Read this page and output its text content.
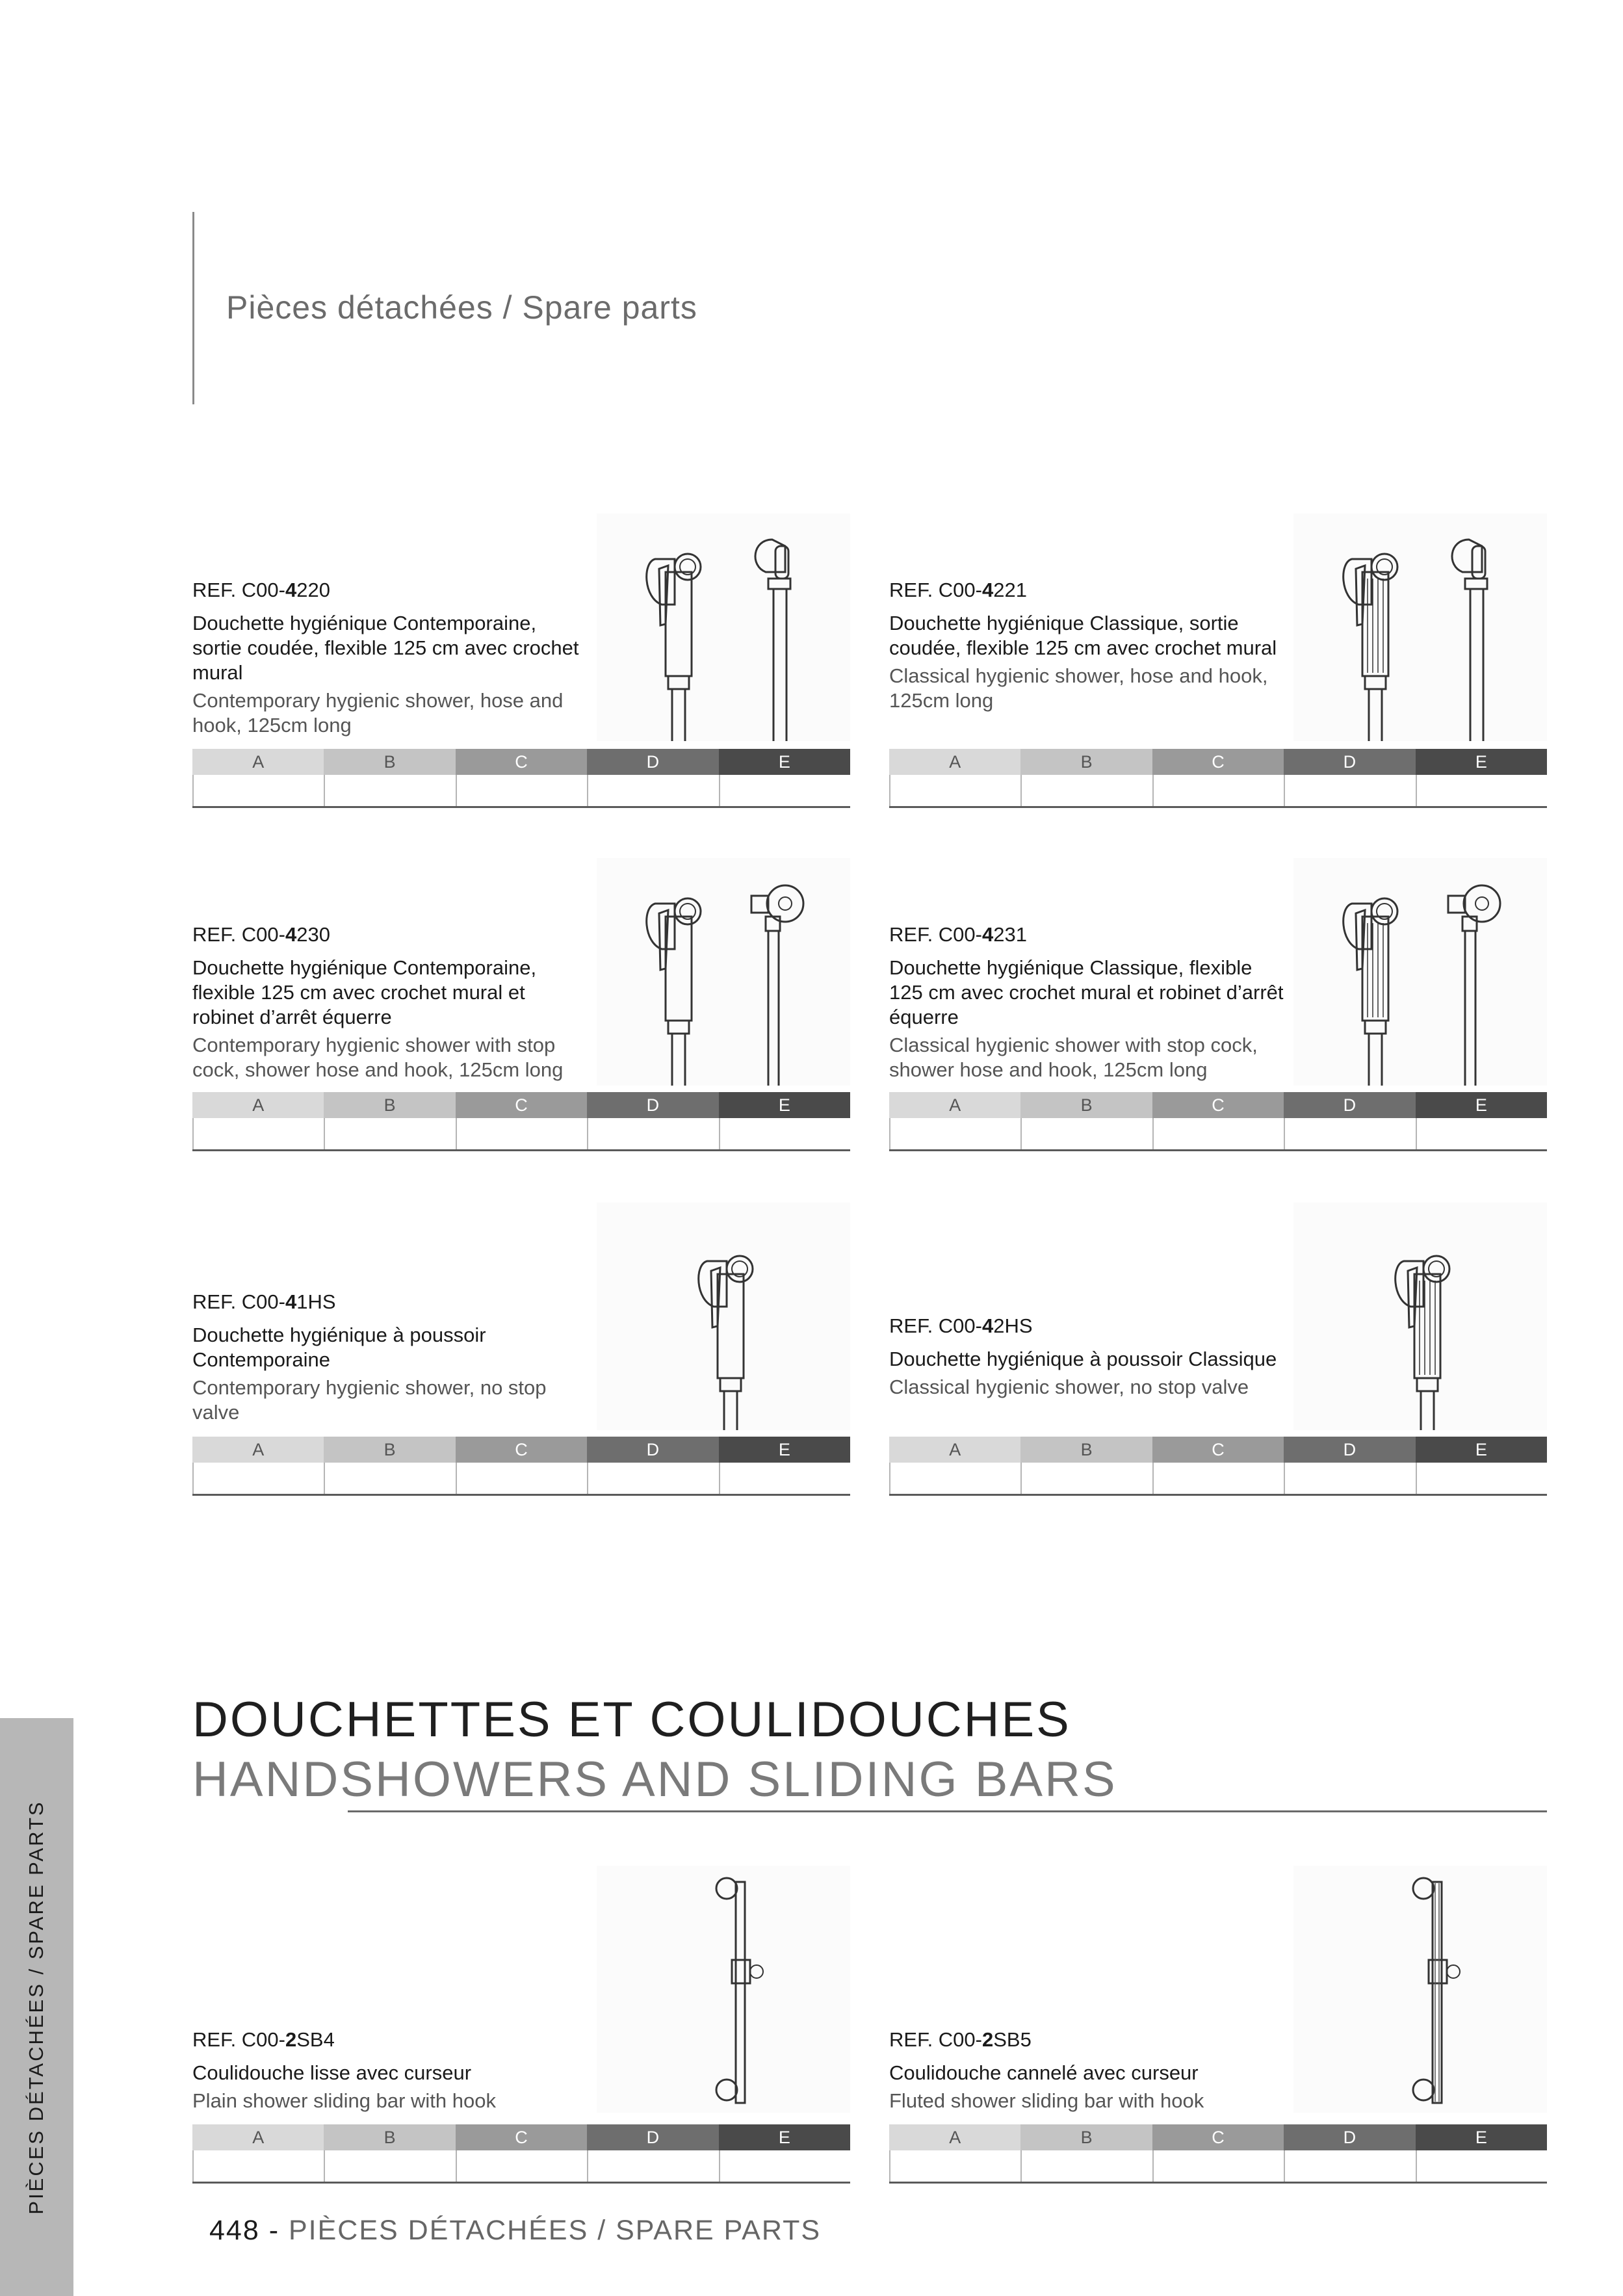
Pièces détachées / Spare parts
REF. C00-4220
Douchette hygiénique Contemporaine, sortie coudée, flexible 125 cm avec crochet mural
Contemporary hygienic shower, hose and hook, 125cm long
A	B	C	D	E
REF. C00-4221
Douchette hygiénique Classique, sortie coudée, flexible 125 cm avec crochet mural
Classical hygienic shower, hose and hook, 125cm long
A	B	C	D	E
REF. C00-4230
Douchette hygiénique Contemporaine, flexible 125 cm avec crochet mural et robinet d’arrêt équerre
Contemporary hygienic shower with stop cock, shower hose and hook, 125cm long
A	B	C	D	E
REF. C00-4231
Douchette hygiénique Classique, flexible 125 cm avec crochet mural et robinet d’arrêt équerre
Classical hygienic shower with stop cock, shower hose and hook, 125cm long
A	B	C	D	E
REF. C00-41HS
Douchette hygiénique à poussoir Contemporaine
Contemporary hygienic shower, no stop valve
A	B	C	D	E
REF. C00-42HS
Douchette hygiénique à poussoir Classique
Classical hygienic shower, no stop valve
A	B	C	D	E
DOUCHETTES ET COULIDOUCHES
HANDSHOWERS AND SLIDING BARS
REF. C00-2SB4
Coulidouche lisse avec curseur
Plain shower sliding bar with hook
A	B	C	D	E
REF. C00-2SB5
Coulidouche cannelé avec curseur
Fluted shower sliding bar with hook
A	B	C	D	E
PIÈCES DÉTACHÉES / SPARE PARTS
448 - PIÈCES DÉTACHÉES / SPARE PARTS
